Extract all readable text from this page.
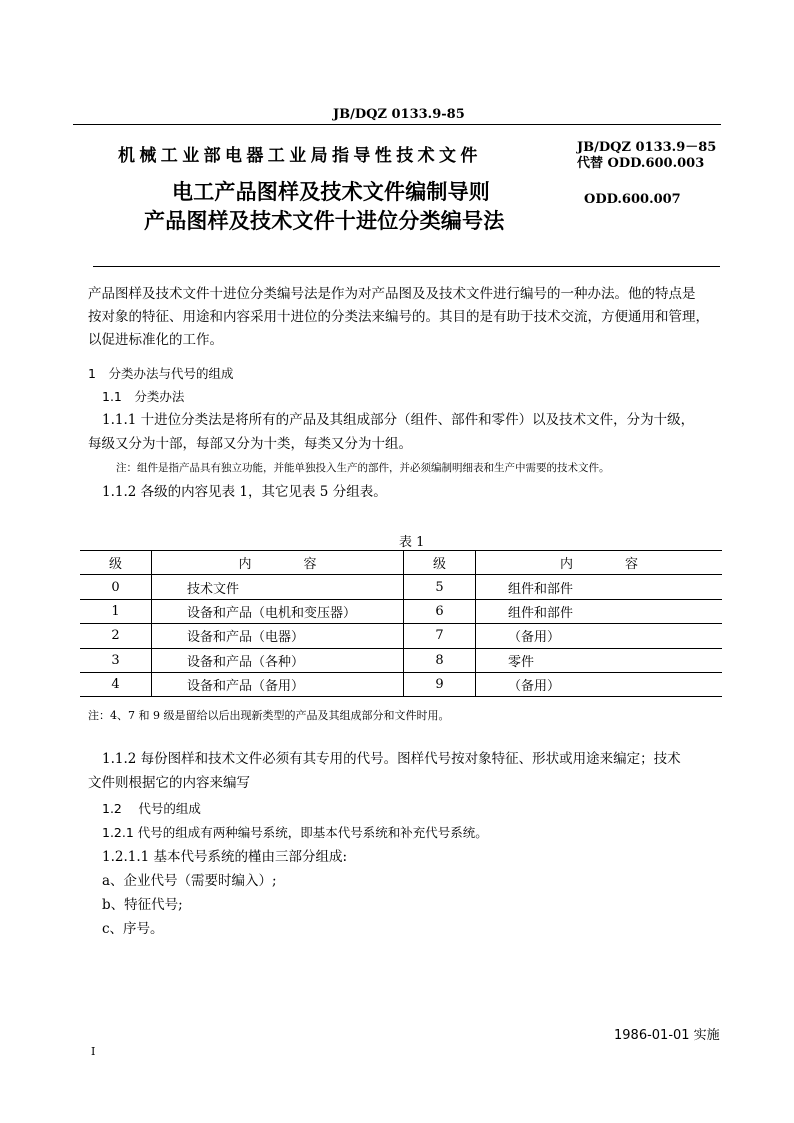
JB/DQZ 0133.9-85
机械工业部电器工业局指导性技术文件
电工产品图样及技术文件编制导则
产品图样及技术文件十进位分类编号法
JB/DQZ 0133.9－85
代替 ODD.600.003
ODD.600.007
产品图样及技术文件十进位分类编号法是作为对产品图及及技术文件进行编号的一种办法。他的特点是
按对象的特征、用途和内容采用十进位的分类法来编号的。其目的是有助于技术交流，方便通用和管理，
以促进标准化的工作。
1　分类办法与代号的组成
1.1　分类办法
1.1.1 十进位分类法是将所有的产品及其组成部分（组件、部件和零件）以及技术文件，分为十级，
每级又分为十部，每部又分为十类，每类又分为十组。
注：组件是指产品具有独立功能，并能单独投入生产的部件，并必须编制明细表和生产中需要的技术文件。
1.1.2 各级的内容见表 1，其它见表 5 分组表。
表 1
级	内　　　　容	级	内　　　　容
0	技术文件	5	组件和部件
1	设备和产品（电机和变压器）	6	组件和部件
2	设备和产品（电器）	7	（备用）
3	设备和产品（各种）	8	零件
4	设备和产品（备用）	9	（备用）
注：4、7 和 9 级是留给以后出现新类型的产品及其组成部分和文件时用。
1.1.2 每份图样和技术文件必须有其专用的代号。图样代号按对象特征、形状或用途来编定；技术
文件则根据它的内容来编写
1.2　 代号的组成
1.2.1 代号的组成有两种编号系统，即基本代号系统和补充代号系统。
1.2.1.1 基本代号系统的槿由三部分组成:
a、企业代号（需要时编入）;
b、特征代号;
c、序号。
1986-01-01 实施
I
